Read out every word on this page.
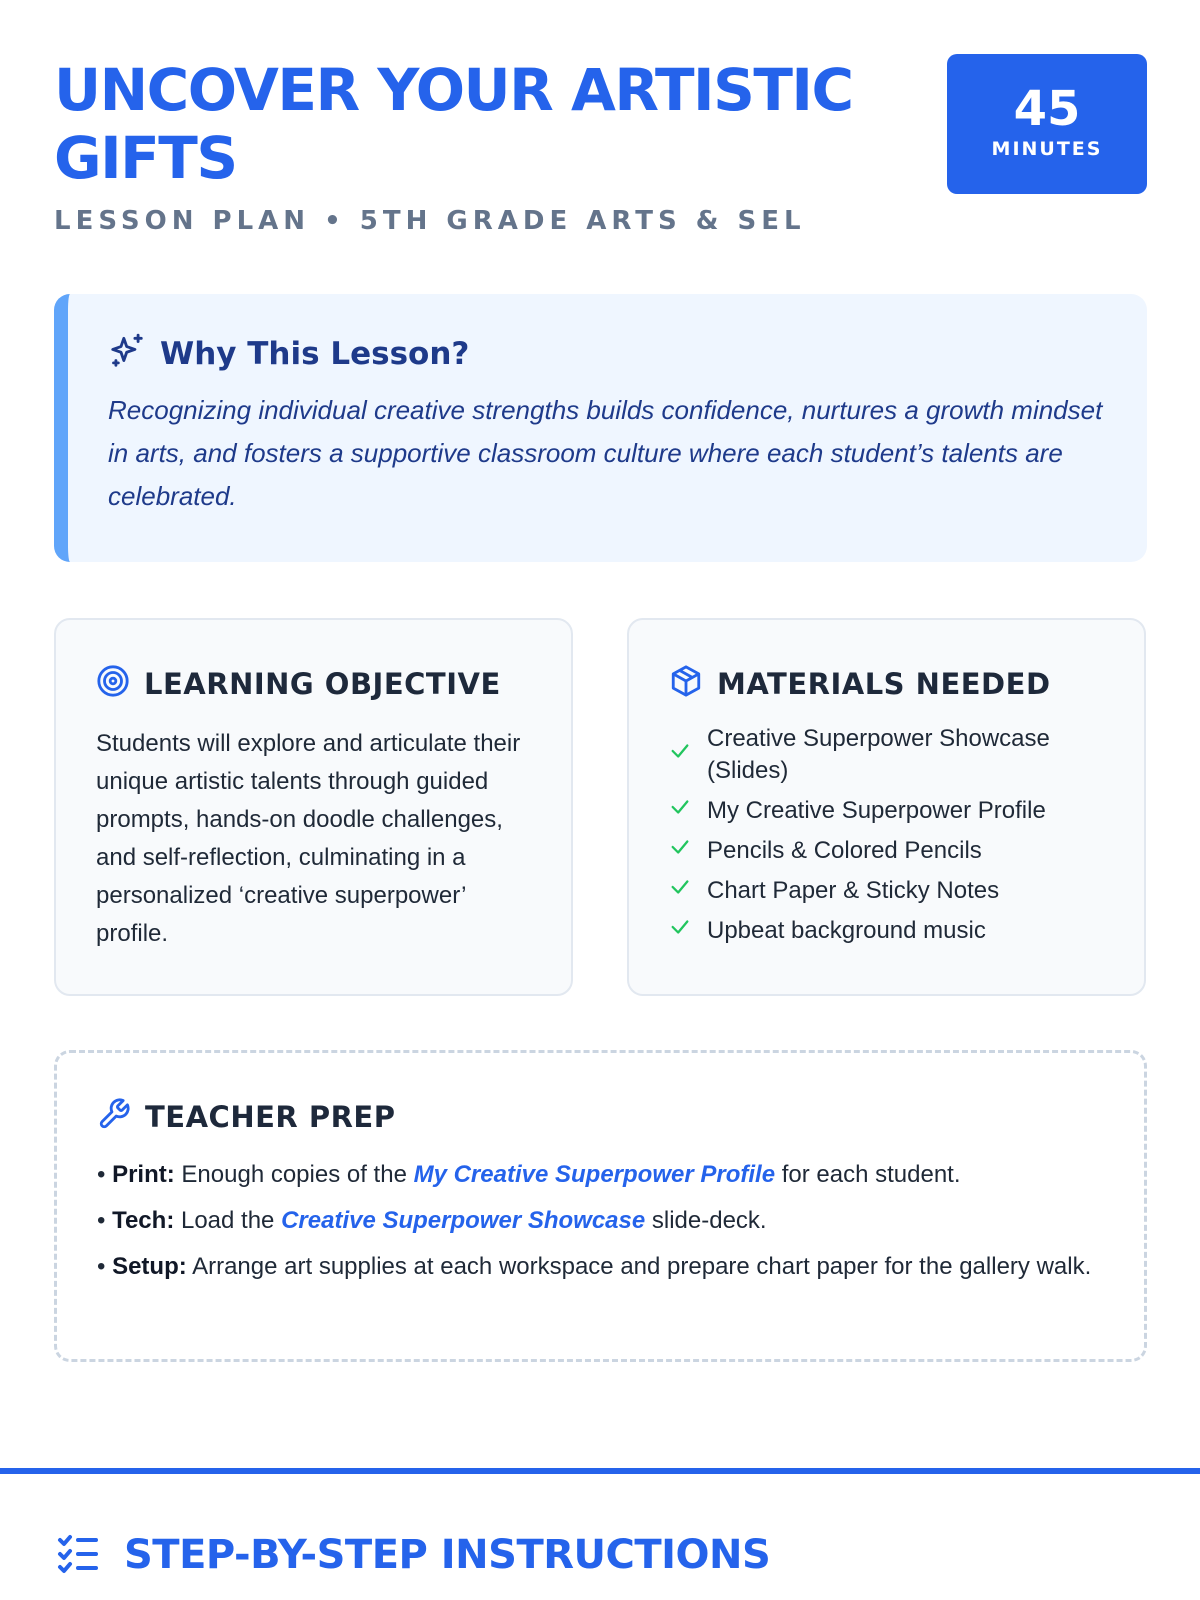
UNCOVER YOUR ARTISTIC GIFTS
LESSON PLAN • 5TH GRADE ARTS & SEL
45
MINUTES
Why This Lesson?

Recognizing individual creative strengths builds confidence, nurtures a growth mindset in arts, and fosters a supportive classroom culture where each student’s talents are celebrated.

LEARNING OBJECTIVE

Students will explore and articulate their unique artistic talents through guided prompts, hands-on doodle challenges, and self-reflection, culminating in a personalized ‘creative superpower’ profile.

MATERIALS NEEDED
Creative Superpower Showcase (Slides)
My Creative Superpower Profile
Pencils & Colored Pencils
Chart Paper & Sticky Notes
Upbeat background music
TEACHER PREP

• Print: Enough copies of the My Creative Superpower Profile for each student.

• Tech: Load the Creative Superpower Showcase slide-deck.

• Setup: Arrange art supplies at each workspace and prepare chart paper for the gallery walk.

STEP-BY-STEP INSTRUCTIONS
